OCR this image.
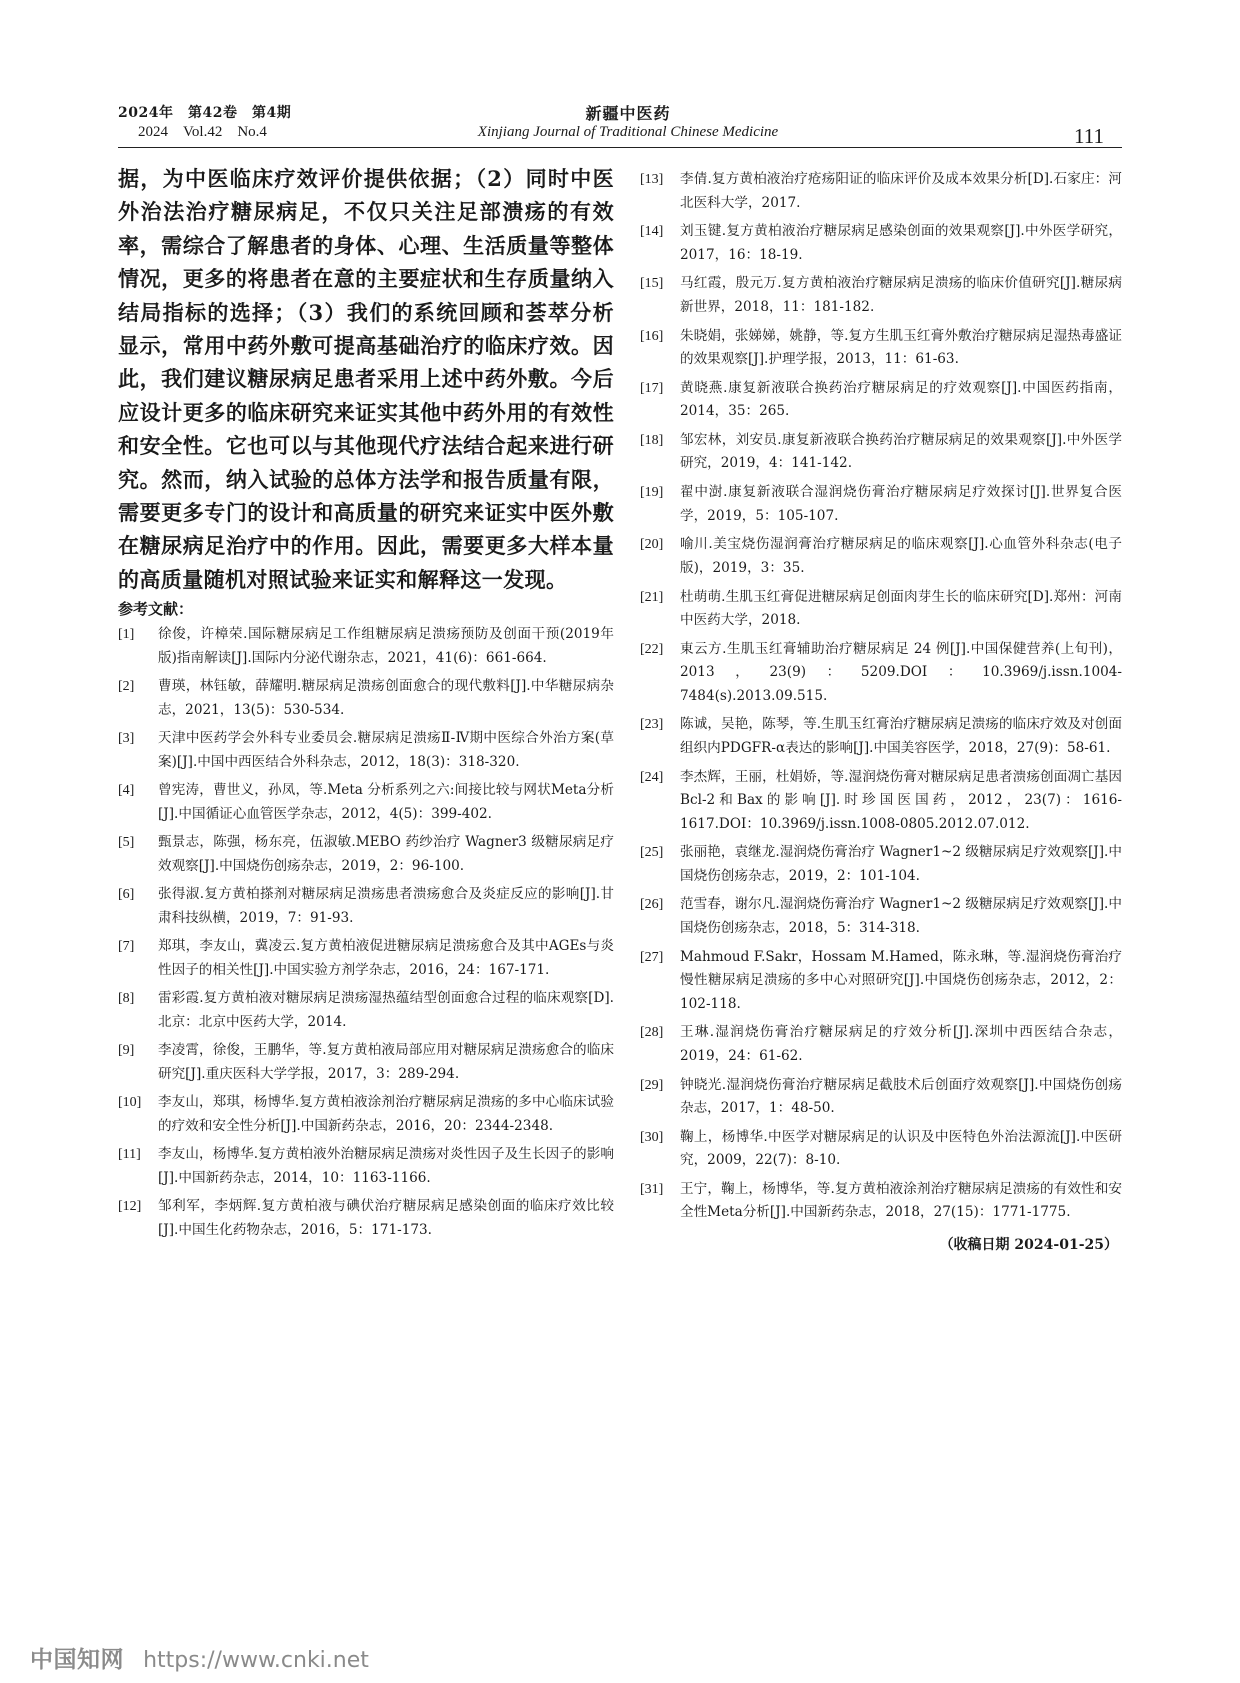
2024年　第42卷　第4期
2024　Vol.42　No.4
新疆中医药
Xinjiang Journal of Traditional Chinese Medicine	111

据，为中医临床疗效评价提供依据；（2）同时中医外治法治疗糖尿病足，不仅只关注足部溃疡的有效率，需综合了解患者的身体、心理、生活质量等整体情况，更多的将患者在意的主要症状和生存质量纳入结局指标的选择；（3）我们的系统回顾和荟萃分析显示，常用中药外敷可提高基础治疗的临床疗效。因此，我们建议糖尿病足患者采用上述中药外敷。今后应设计更多的临床研究来证实其他中药外用的有效性和安全性。它也可以与其他现代疗法结合起来进行研究。然而，纳入试验的总体方法学和报告质量有限，需要更多专门的设计和高质量的研究来证实中医外敷在糖尿病足治疗中的作用。因此，需要更多大样本量的高质量随机对照试验来证实和解释这一发现。

参考文献：
[1] 徐俊，许樟荣.国际糖尿病足工作组糖尿病足溃疡预防及创面干预(2019年版)指南解读[J].国际内分泌代谢杂志，2021，41(6)：661-664.
[2] 曹瑛，林钰敏，薛耀明.糖尿病足溃疡创面愈合的现代敷料[J].中华糖尿病杂志，2021，13(5)：530-534.
[3] 天津中医药学会外科专业委员会.糖尿病足溃疡Ⅱ-Ⅳ期中医综合外治方案(草案)[J].中国中西医结合外科杂志，2012，18(3)：318-320.
[4] 曾宪涛，曹世义，孙凤，等.Meta 分析系列之六:间接比较与网状Meta分析[J].中国循证心血管医学杂志，2012，4(5)：399-402.
[5] 甄景志，陈强，杨东亮，伍淑敏.MEBO 药纱治疗 Wagner3 级糖尿病足疗效观察[J].中国烧伤创疡杂志，2019，2：96-100.
[6] 张得淑.复方黄柏搽剂对糖尿病足溃疡患者溃疡愈合及炎症反应的影响[J].甘肃科技纵横，2019，7：91-93.
[7] 郑琪，李友山，冀凌云.复方黄柏液促进糖尿病足溃疡愈合及其中AGEs与炎性因子的相关性[J].中国实验方剂学杂志，2016，24：167-171.
[8] 雷彩霞.复方黄柏液对糖尿病足溃疡湿热蕴结型创面愈合过程的临床观察[D].北京：北京中医药大学，2014.
[9] 李凌霄，徐俊，王鹏华，等.复方黄柏液局部应用对糖尿病足溃疡愈合的临床研究[J].重庆医科大学学报，2017，3：289-294.
[10] 李友山，郑琪，杨博华.复方黄柏液涂剂治疗糖尿病足溃疡的多中心临床试验的疗效和安全性分析[J].中国新药杂志，2016，20：2344-2348.
[11] 李友山，杨博华.复方黄柏液外治糖尿病足溃疡对炎性因子及生长因子的影响[J].中国新药杂志，2014，10：1163-1166.
[12] 邹利军，李炳辉.复方黄柏液与碘伏治疗糖尿病足感染创面的临床疗效比较[J].中国生化药物杂志，2016，5：171-173.
[13] 李倩.复方黄柏液治疗疮疡阳证的临床评价及成本效果分析[D].石家庄：河北医科大学，2017.
[14] 刘玉键.复方黄柏液治疗糖尿病足感染创面的效果观察[J].中外医学研究，2017，16：18-19.
[15] 马红霞，殷元万.复方黄柏液治疗糖尿病足溃疡的临床价值研究[J].糖尿病新世界，2018，11：181-182.
[16] 朱晓娟，张娣娣，姚静，等.复方生肌玉红膏外敷治疗糖尿病足湿热毒盛证的效果观察[J].护理学报，2013，11：61-63.
[17] 黄晓燕.康复新液联合换药治疗糖尿病足的疗效观察[J].中国医药指南，2014，35：265.
[18] 邹宏林，刘安员.康复新液联合换药治疗糖尿病足的效果观察[J].中外医学研究，2019，4：141-142.
[19] 翟中澍.康复新液联合湿润烧伤膏治疗糖尿病足疗效探讨[J].世界复合医学，2019，5：105-107.
[20] 喻川.美宝烧伤湿润膏治疗糖尿病足的临床观察[J].心血管外科杂志(电子版)，2019，3：35.
[21] 杜萌萌.生肌玉红膏促进糖尿病足创面肉芽生长的临床研究[D].郑州：河南中医药大学，2018.
[22] 東云方.生肌玉红膏辅助治疗糖尿病足 24 例[J].中国保健营养(上旬刊)，2013，23(9)：5209.DOI：10.3969/j.issn.1004-7484(s).2013.09.515.
[23] 陈诚，吴艳，陈琴，等.生肌玉红膏治疗糖尿病足溃疡的临床疗效及对创面组织内PDGFR-α表达的影响[J].中国美容医学，2018，27(9)：58-61.
[24] 李杰辉，王丽，杜娟娇，等.湿润烧伤膏对糖尿病足患者溃疡创面凋亡基因Bcl-2和Bax的影响[J].时珍国医国药，2012，23(7)：1616-1617.DOI：10.3969/j.issn.1008-0805.2012.07.012.
[25] 张丽艳，袁继龙.湿润烧伤膏治疗 Wagner1~2 级糖尿病足疗效观察[J].中国烧伤创疡杂志，2019，2：101-104.
[26] 范雪春，谢尔凡.湿润烧伤膏治疗 Wagner1~2 级糖尿病足疗效观察[J].中国烧伤创疡杂志，2018，5：314-318.
[27] Mahmoud F.Sakr，Hossam M.Hamed，陈永琳，等.湿润烧伤膏治疗慢性糖尿病足溃疡的多中心对照研究[J].中国烧伤创疡杂志，2012，2：102-118.
[28] 王琳.湿润烧伤膏治疗糖尿病足的疗效分析[J].深圳中西医结合杂志，2019，24：61-62.
[29] 钟晓光.湿润烧伤膏治疗糖尿病足截肢术后创面疗效观察[J].中国烧伤创疡杂志，2017，1：48-50.
[30] 鞠上，杨博华.中医学对糖尿病足的认识及中医特色外治法源流[J].中医研究，2009，22(7)：8-10.
[31] 王宁，鞠上，杨博华，等.复方黄柏液涂剂治疗糖尿病足溃疡的有效性和安全性Meta分析[J].中国新药杂志，2018，27(15)：1771-1775.
（收稿日期 2024-01-25）
中国知网 https://www.cnki.net
